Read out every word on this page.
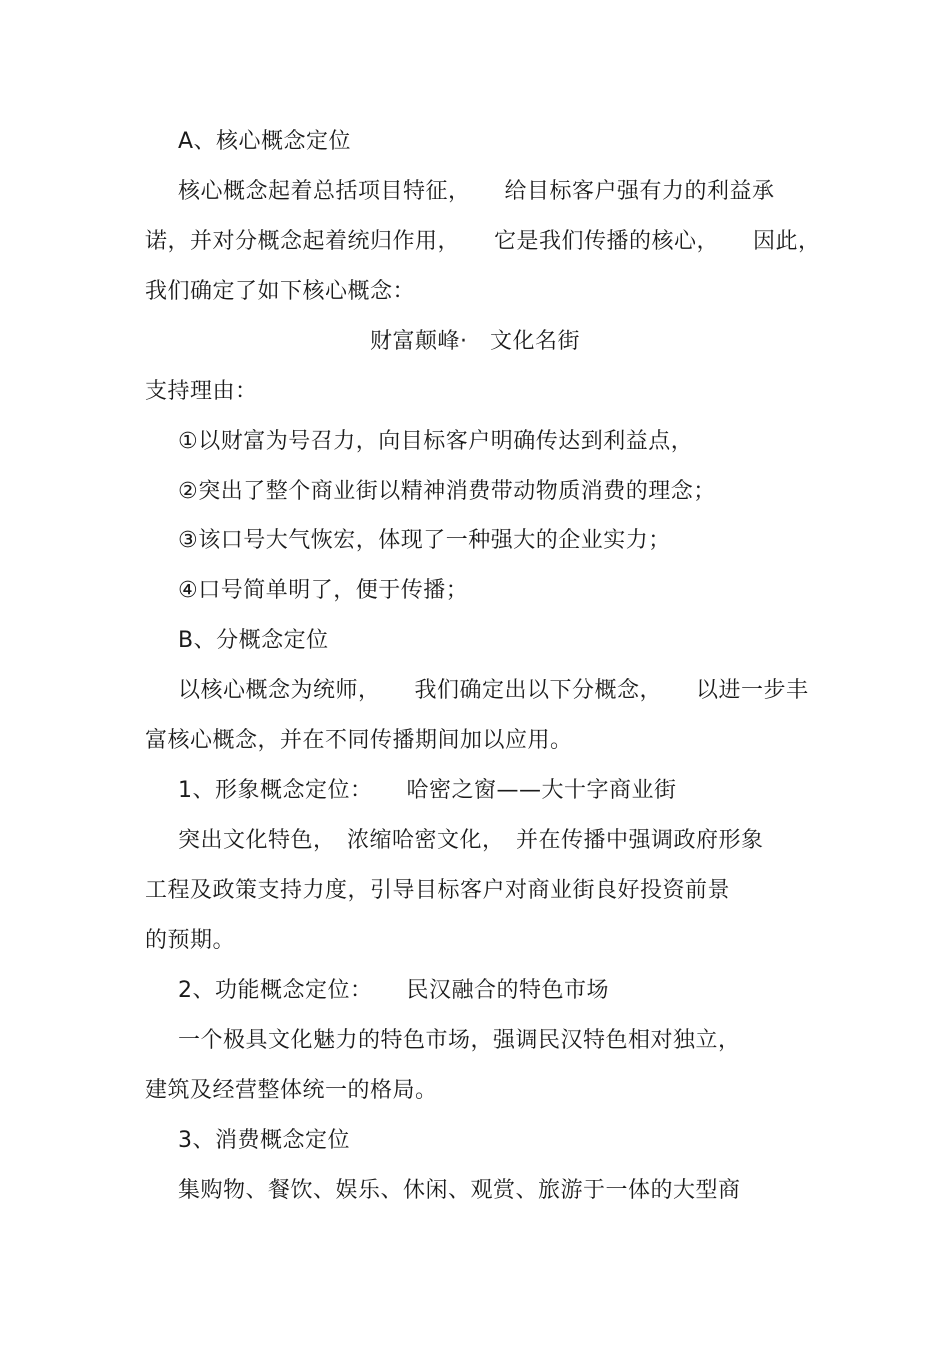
A、核心概念定位
核心概念起着总括项目特征，　　给目标客户强有力的利益承
诺，并对分概念起着统归作用，　　它是我们传播的核心，　　因此，
我们确定了如下核心概念：
财富颠峰·　文化名街
支持理由：
①以财富为号召力，向目标客户明确传达到利益点，
②突出了整个商业街以精神消费带动物质消费的理念；
③该口号大气恢宏，体现了一种强大的企业实力；
④口号简单明了，便于传播；
B、分概念定位
以核心概念为统师，　　我们确定出以下分概念，　　以进一步丰
富核心概念，并在不同传播期间加以应用。
1、形象概念定位：　　哈密之窗——大十字商业街
突出文化特色，　浓缩哈密文化，　并在传播中强调政府形象
工程及政策支持力度，引导目标客户对商业街良好投资前景
的预期。
2、功能概念定位：　　民汉融合的特色市场
一个极具文化魅力的特色市场，强调民汉特色相对独立，
建筑及经营整体统一的格局。
3、消费概念定位
集购物、餐饮、娱乐、休闲、观赏、旅游于一体的大型商
